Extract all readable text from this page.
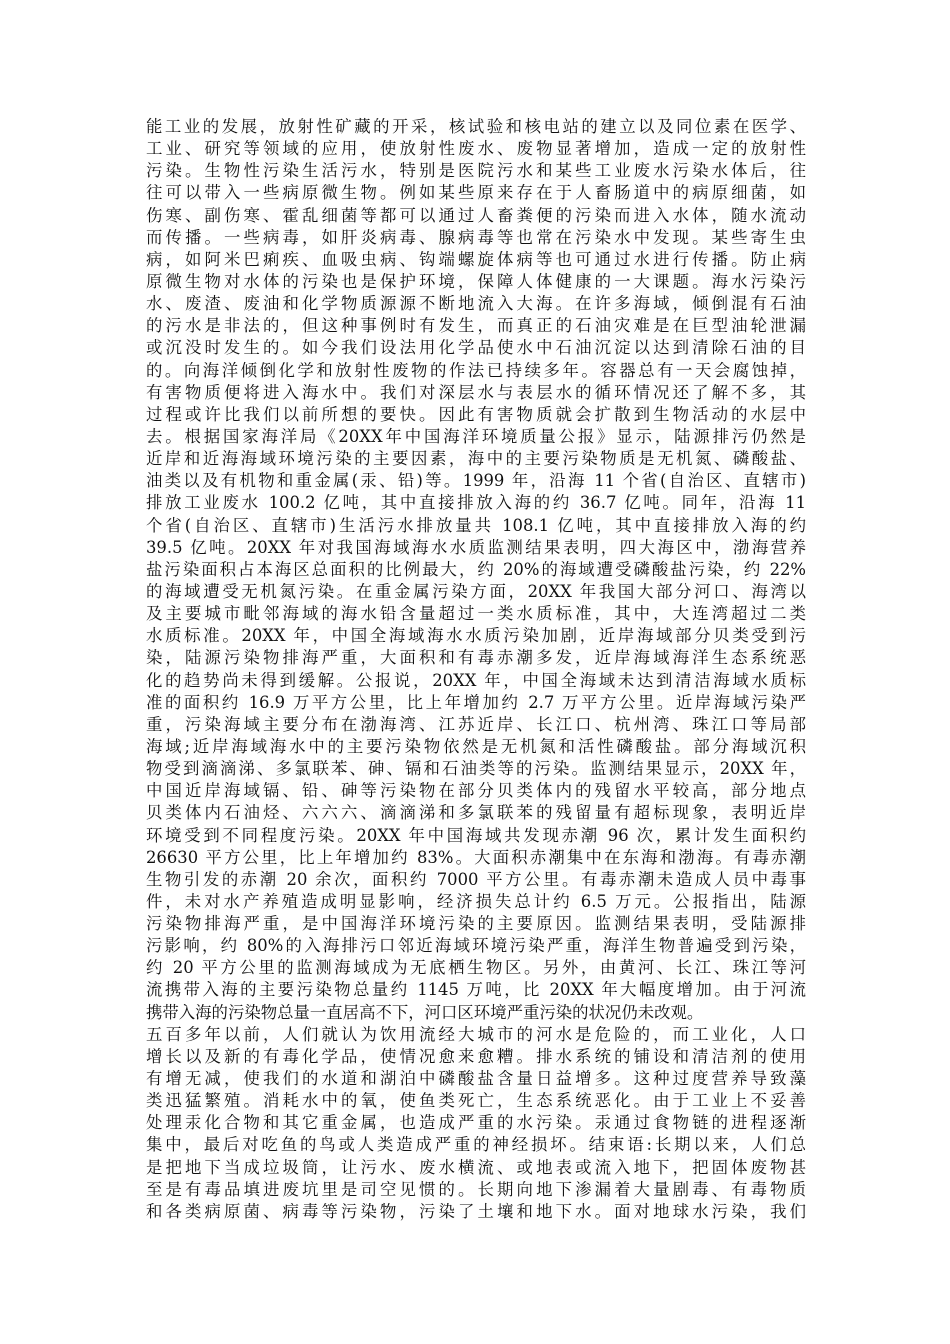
能工业的发展，放射性矿藏的开采，核试验和核电站的建立以及同位素在医学、
工业、研究等领域的应用，使放射性废水、废物显著增加，造成一定的放射性
污染。生物性污染生活污水，特别是医院污水和某些工业废水污染水体后，往
往可以带入一些病原微生物。例如某些原来存在于人畜肠道中的病原细菌，如
伤寒、副伤寒、霍乱细菌等都可以通过人畜粪便的污染而进入水体，随水流动
而传播。一些病毒，如肝炎病毒、腺病毒等也常在污染水中发现。某些寄生虫
病，如阿米巴痢疾、血吸虫病、钩端螺旋体病等也可通过水进行传播。防止病
原微生物对水体的污染也是保护环境，保障人体健康的一大课题。海水污染污
水、废渣、废油和化学物质源源不断地流入大海。在许多海域，倾倒混有石油
的污水是非法的，但这种事例时有发生，而真正的石油灾难是在巨型油轮泄漏
或沉没时发生的。如今我们设法用化学品使水中石油沉淀以达到清除石油的目
的。向海洋倾倒化学和放射性废物的作法已持续多年。容器总有一天会腐蚀掉，
有害物质便将进入海水中。我们对深层水与表层水的循环情况还了解不多，其
过程或许比我们以前所想的要快。因此有害物质就会扩散到生物活动的水层中
去。根据国家海洋局《20XX年中国海洋环境质量公报》显示，陆源排污仍然是
近岸和近海海域环境污染的主要因素，海中的主要污染物质是无机氮、磷酸盐、
油类以及有机物和重金属(汞、铅)等。1999 年，沿海 11 个省(自治区、直辖市)
排放工业废水 100.2 亿吨，其中直接排放入海的约 36.7 亿吨。同年，沿海 11
个省(自治区、直辖市)生活污水排放量共 108.1 亿吨，其中直接排放入海的约
39.5 亿吨。20XX 年对我国海域海水水质监测结果表明，四大海区中，渤海营养
盐污染面积占本海区总面积的比例最大，约 20%的海域遭受磷酸盐污染，约 22%
的海域遭受无机氮污染。在重金属污染方面，20XX 年我国大部分河口、海湾以
及主要城市毗邻海域的海水铅含量超过一类水质标准，其中，大连湾超过二类
水质标准。20XX 年，中国全海域海水水质污染加剧，近岸海域部分贝类受到污
染，陆源污染物排海严重，大面积和有毒赤潮多发，近岸海域海洋生态系统恶
化的趋势尚未得到缓解。公报说，20XX 年，中国全海域未达到清洁海域水质标
准的面积约 16.9 万平方公里，比上年增加约 2.7 万平方公里。近岸海域污染严
重，污染海域主要分布在渤海湾、江苏近岸、长江口、杭州湾、珠江口等局部
海域;近岸海域海水中的主要污染物依然是无机氮和活性磷酸盐。部分海域沉积
物受到滴滴涕、多氯联苯、砷、镉和石油类等的污染。监测结果显示，20XX 年，
中国近岸海域镉、铅、砷等污染物在部分贝类体内的残留水平较高，部分地点
贝类体内石油烃、六六六、滴滴涕和多氯联苯的残留量有超标现象，表明近岸
环境受到不同程度污染。20XX 年中国海域共发现赤潮 96 次，累计发生面积约
26630 平方公里，比上年增加约 83%。大面积赤潮集中在东海和渤海。有毒赤潮
生物引发的赤潮 20 余次，面积约 7000 平方公里。有毒赤潮未造成人员中毒事
件，未对水产养殖造成明显影响，经济损失总计约 6.5 万元。公报指出，陆源
污染物排海严重，是中国海洋环境污染的主要原因。监测结果表明，受陆源排
污影响，约 80%的入海排污口邻近海域环境污染严重，海洋生物普遍受到污染，
约 20 平方公里的监测海域成为无底栖生物区。另外，由黄河、长江、珠江等河
流携带入海的主要污染物总量约 1145 万吨，比 20XX 年大幅度增加。由于河流
携带入海的污染物总量一直居高不下，河口区环境严重污染的状况仍未改观。
五百多年以前，人们就认为饮用流经大城市的河水是危险的，而工业化，人口
增长以及新的有毒化学品，使情况愈来愈糟。排水系统的铺设和清洁剂的使用
有增无减，使我们的水道和湖泊中磷酸盐含量日益增多。这种过度营养导致藻
类迅猛繁殖。消耗水中的氧，使鱼类死亡，生态系统恶化。由于工业上不妥善
处理汞化合物和其它重金属，也造成严重的水污染。汞通过食物链的进程逐渐
集中，最后对吃鱼的鸟或人类造成严重的神经损坏。结束语:长期以来，人们总
是把地下当成垃圾筒，让污水、废水横流、或地表或流入地下，把固体废物甚
至是有毒品填进废坑里是司空见惯的。长期向地下渗漏着大量剧毒、有毒物质
和各类病原菌、病毒等污染物，污染了土壤和地下水。面对地球水污染，我们
